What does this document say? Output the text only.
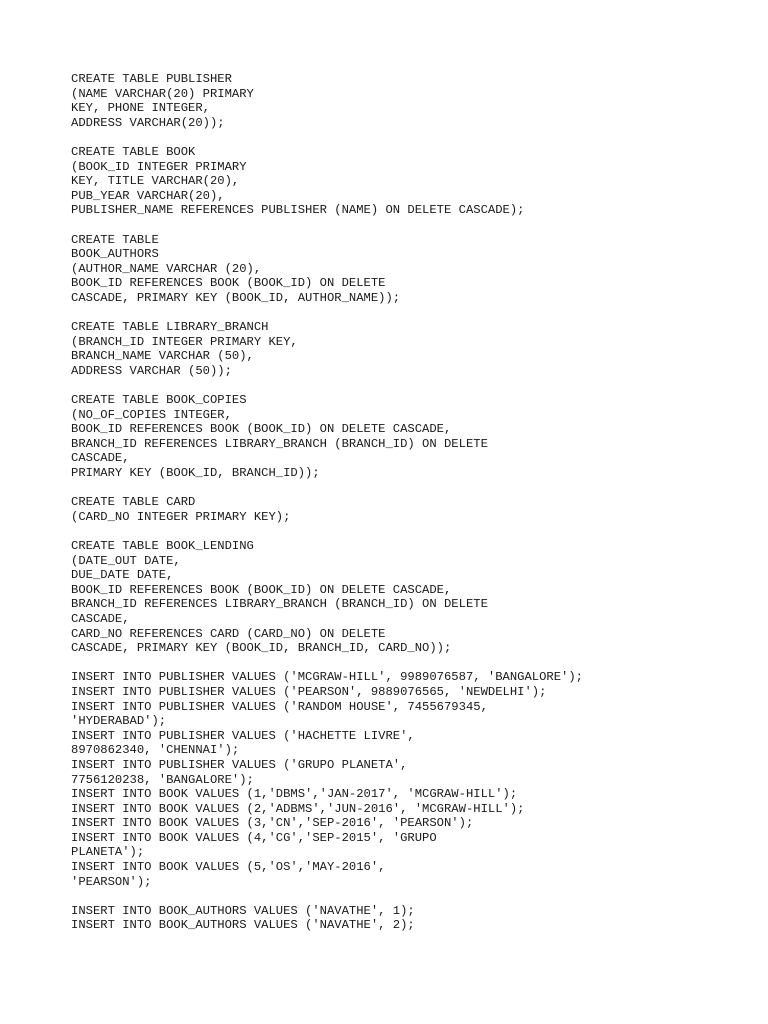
CREATE TABLE PUBLISHER
(NAME VARCHAR(20) PRIMARY
KEY, PHONE INTEGER,
ADDRESS VARCHAR(20));
CREATE TABLE BOOK
(BOOK_ID INTEGER PRIMARY
KEY, TITLE VARCHAR(20),
PUB_YEAR VARCHAR(20),
PUBLISHER_NAME REFERENCES PUBLISHER (NAME) ON DELETE CASCADE);
CREATE TABLE
BOOK_AUTHORS
(AUTHOR_NAME VARCHAR (20),
BOOK_ID REFERENCES BOOK (BOOK_ID) ON DELETE
CASCADE, PRIMARY KEY (BOOK_ID, AUTHOR_NAME));
CREATE TABLE LIBRARY_BRANCH
(BRANCH_ID INTEGER PRIMARY KEY,
BRANCH_NAME VARCHAR (50),
ADDRESS VARCHAR (50));
CREATE TABLE BOOK_COPIES
(NO_OF_COPIES INTEGER,
BOOK_ID REFERENCES BOOK (BOOK_ID) ON DELETE CASCADE,
BRANCH_ID REFERENCES LIBRARY_BRANCH (BRANCH_ID) ON DELETE
CASCADE,
PRIMARY KEY (BOOK_ID, BRANCH_ID));
CREATE TABLE CARD
(CARD_NO INTEGER PRIMARY KEY);
CREATE TABLE BOOK_LENDING
(DATE_OUT DATE,
DUE_DATE DATE,
BOOK_ID REFERENCES BOOK (BOOK_ID) ON DELETE CASCADE,
BRANCH_ID REFERENCES LIBRARY_BRANCH (BRANCH_ID) ON DELETE
CASCADE,
CARD_NO REFERENCES CARD (CARD_NO) ON DELETE
CASCADE, PRIMARY KEY (BOOK_ID, BRANCH_ID, CARD_NO));
INSERT INTO PUBLISHER VALUES ('MCGRAW-HILL', 9989076587, 'BANGALORE');
INSERT INTO PUBLISHER VALUES ('PEARSON', 9889076565, 'NEWDELHI');
INSERT INTO PUBLISHER VALUES ('RANDOM HOUSE', 7455679345,
'HYDERABAD');
INSERT INTO PUBLISHER VALUES ('HACHETTE LIVRE',
8970862340, 'CHENNAI');
INSERT INTO PUBLISHER VALUES ('GRUPO PLANETA',
7756120238, 'BANGALORE');
INSERT INTO BOOK VALUES (1,'DBMS','JAN-2017', 'MCGRAW-HILL');
INSERT INTO BOOK VALUES (2,'ADBMS','JUN-2016', 'MCGRAW-HILL');
INSERT INTO BOOK VALUES (3,'CN','SEP-2016', 'PEARSON');
INSERT INTO BOOK VALUES (4,'CG','SEP-2015', 'GRUPO
PLANETA');
INSERT INTO BOOK VALUES (5,'OS','MAY-2016',
'PEARSON');
INSERT INTO BOOK_AUTHORS VALUES ('NAVATHE', 1);
INSERT INTO BOOK_AUTHORS VALUES ('NAVATHE', 2);
